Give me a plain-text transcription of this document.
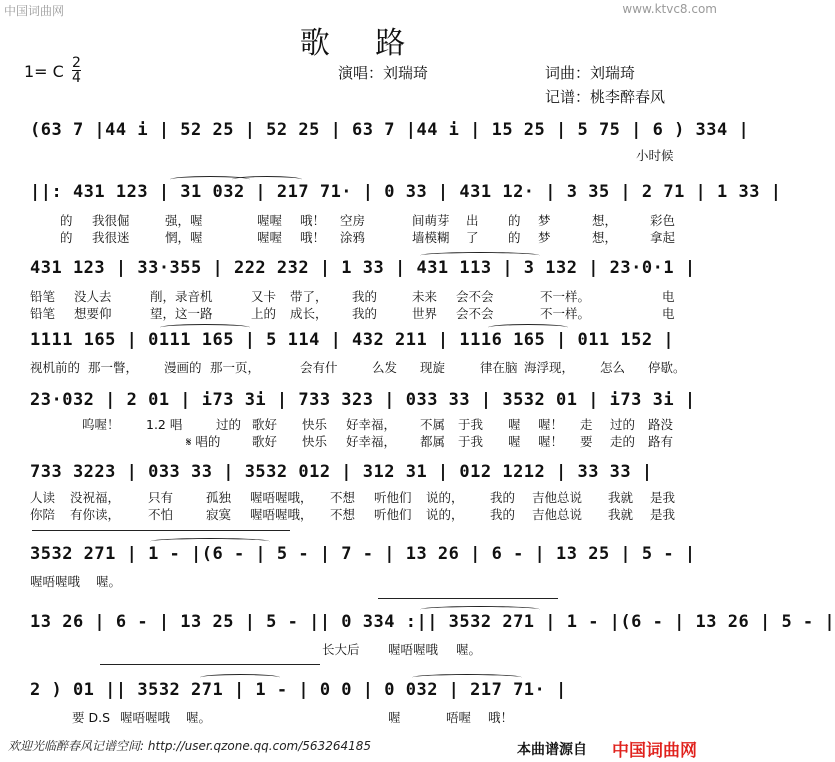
中国词曲网	www.ktvc8.com
歌 路
1= C 2
4	演唱：刘瑞琦	词曲：刘瑞琦
记谱：桃李醉春风
(63 7 |44 i | 52 25 | 52 25 | 63 7 |44 i | 15 25 | 5 75 | 6 ) 334 |
小时候
||: 431 123 | 31 032 | 217 71· | 0 33 | 431 12· | 3 35 | 2 71 | 1 33 |
的 我很倔	强，喔	喔喔 哦！ 空房	间萌芽 出 的 梦	想，	彩色
的 我很迷	惘，喔	喔喔 哦！ 涂鸦	墙模糊 了 的 梦	想，	拿起
431 123 | 33·355 | 222 232 | 1 33 | 431 113 | 3 132 | 23·0·1 |
铅笔 没人去	削，录音机	又卡 带了， 我的	未来 会不会	不一样。	电
铅笔 想要仰	望，这一路	上的 成长， 我的	世界 会不会	不一样。	电
1111 165 | 0111 165 | 5 114 | 432 211 | 1116 165 | 011 152 |
视机前的 那一瞥， 漫画的 那一页，	会有什	么发 现旋	律在脑 海浮现， 怎么 停歇。
23·032 | 2 01 | i73 3i | 733 323 | 033 33 | 3532 01 | i73 3i |
呜喔！ 1.2 唱	过的 歌好 快乐 好幸福， 不属 于我 喔 喔！ 走 过的 路没
𝄋 唱的	歌好 快乐 好幸福， 都属 于我 喔 喔！ 要 走的 路有
733 3223 | 033 33 | 3532 012 | 312 31 | 012 1212 | 33 33 |
人读 没祝福， 只有	孤独 喔唔喔哦， 不想 听他们 说的， 我的 吉他总说 我就 是我
你陪 有你读， 不怕	寂寞 喔唔喔哦， 不想 听他们 说的， 我的 吉他总说 我就 是我
3532 271 | 1 - |(6 - | 5 - | 7 - | 13 26 | 6 - | 13 25 | 5 - |
喔唔喔哦 喔。
13 26 | 6 - | 13 25 | 5 - || 0 334 :|| 3532 271 | 1 - |(6 - | 13 26 | 5 - |
长大后 喔唔喔哦 喔。
2 ) 01 || 3532 271 | 1 - | 0 0 | 0 032 | 217 71· |
要 D.S 喔唔喔哦 喔。	喔	唔喔 哦！
欢迎光临醉春风记谱空间: http://user.qzone.qq.com/563264185	本曲谱源自 中国词曲网
